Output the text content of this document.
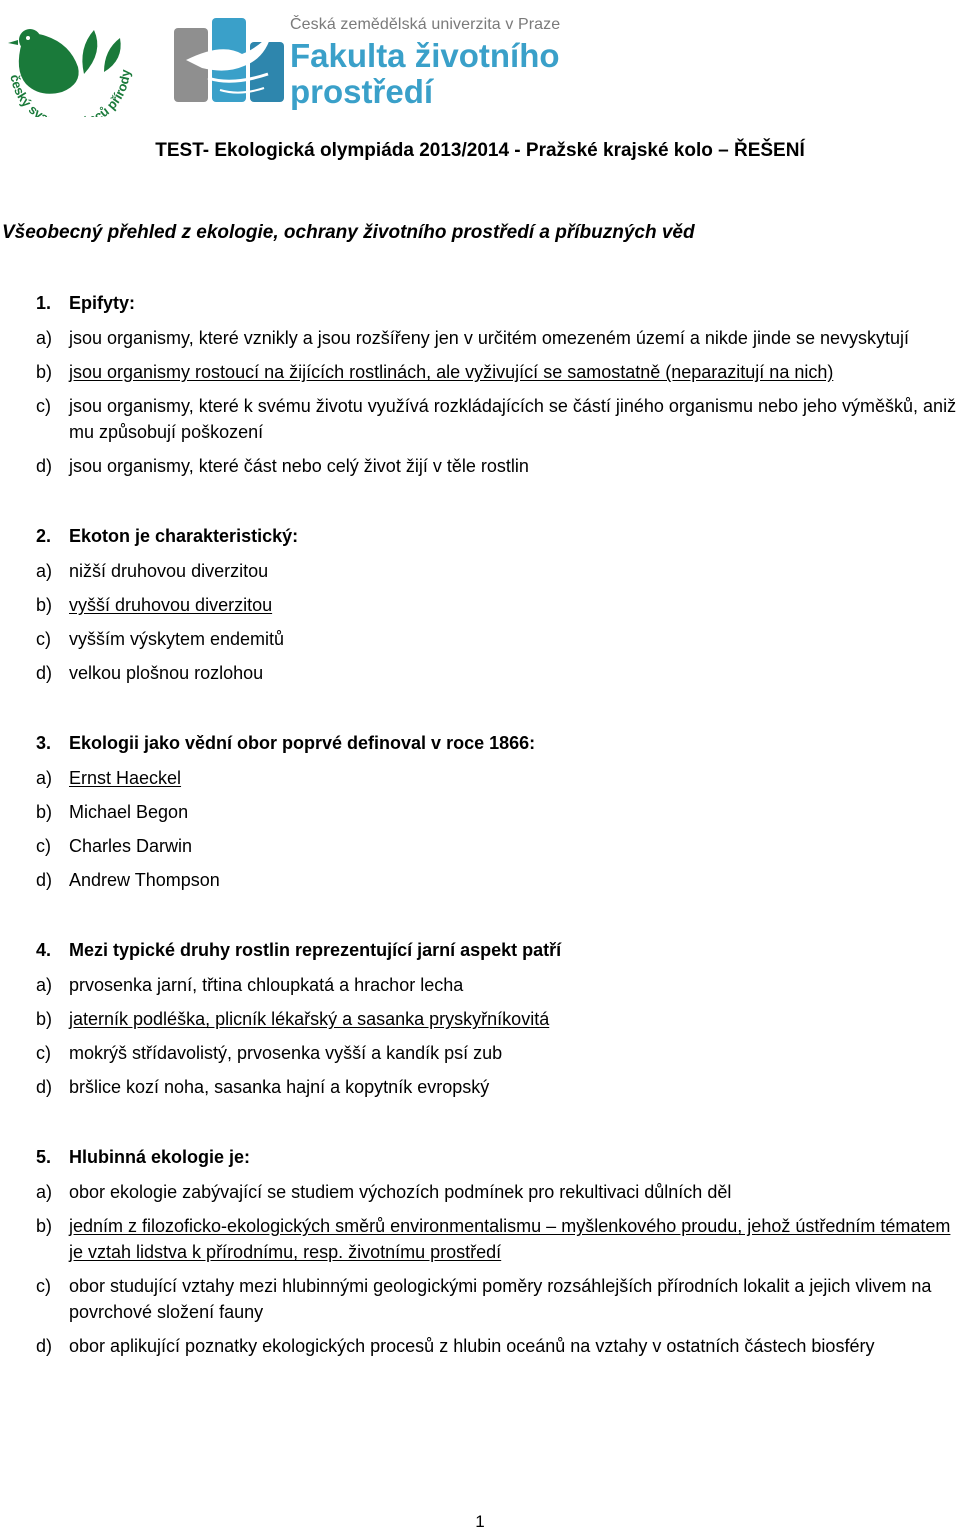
český sv ců přírody
Česká zemědělská univerzita v Praze
Fakulta životního
prostředí
TEST- Ekologická olympiáda 2013/2014 - Pražské krajské kolo – ŘEŠENÍ
Všeobecný přehled z ekologie, ochrany životního prostředí a příbuzných věd
1. Epifyty:
a) jsou organismy, které vznikly a jsou rozšířeny jen v určitém omezeném území a nikde jinde se nevyskytují
b) jsou organismy rostoucí na žijících rostlinách, ale vyživující se samostatně (neparazitují na nich)
c) jsou organismy, které k svému životu využívá rozkládajících se částí jiného organismu nebo jeho výměšků, aniž mu způsobují poškození
d) jsou organismy, které část nebo celý život žijí v těle rostlin
2. Ekoton je charakteristický:
a) nižší druhovou diverzitou
b) vyšší druhovou diverzitou
c) vyšším výskytem endemitů
d) velkou plošnou rozlohou
3. Ekologii jako vědní obor poprvé definoval v roce 1866:
a) Ernst Haeckel
b) Michael Begon
c) Charles Darwin
d) Andrew Thompson
4. Mezi typické druhy rostlin reprezentující jarní aspekt patří
a) prvosenka jarní, třtina chloupkatá a hrachor lecha
b) jaterník podléška, plicník lékařský a sasanka pryskyřníkovitá
c) mokrýš střídavolistý, prvosenka vyšší a kandík psí zub
d) bršlice kozí noha, sasanka hajní a kopytník evropský
5. Hlubinná ekologie je:
a) obor ekologie zabývající se studiem výchozích podmínek pro rekultivaci důlních děl
b) jedním z filozoficko-ekologických směrů environmentalismu – myšlenkového proudu, jehož ústředním tématem je vztah lidstva k přírodnímu, resp. životnímu prostředí
c) obor studující vztahy mezi hlubinnými geologickými poměry rozsáhlejších přírodních lokalit a jejich vlivem na povrchové složení fauny
d) obor aplikující poznatky ekologických procesů z hlubin oceánů na vztahy v ostatních částech biosféry
1
